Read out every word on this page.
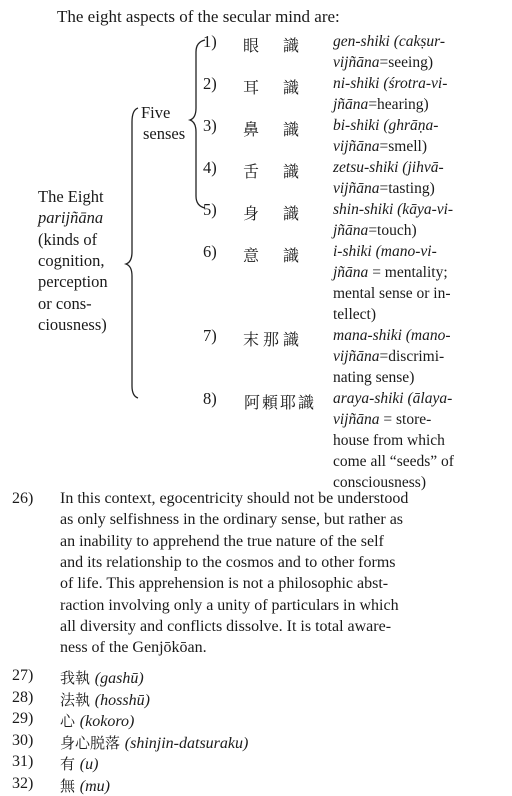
The eight aspects of the secular mind are:
The Eight
parijñāna
(kinds of
cognition,
perception
or cons-
ciousness)
Five
senses
1) 眼　識 gen-shiki (cakṣur-
vijñāna=seeing)
2) 耳　識 ni-shiki (śrotra-vi-
jñāna=hearing)
3) 鼻　識 bi-shiki (ghrāṇa-
vijñāna=smell)
4) 舌　識 zetsu-shiki (jihvā-
vijñāna=tasting)
5) 身　識 shin-shiki (kāya-vi-
jñāna=touch)
6) 意　識 i-shiki (mano-vi-
jñāna = mentality;
mental sense or in-
tellect)
7) 末那識 mana-shiki (mano-
vijñāna=discrimi-
nating sense)
8) 阿頼耶識 araya-shiki (ālaya-
vijñāna = store-
house from which
come all “seeds” of
consciousness)
26) In this context, egocentricity should not be understood
as only selfishness in the ordinary sense, but rather as
an inability to apprehend the true nature of the self
and its relationship to the cosmos and to other forms
of life. This apprehension is not a philosophic abst-
raction involving only a unity of particulars in which
all diversity and conflicts dissolve. It is total aware-
ness of the Genjōkōan.
27) 我執 (gashū)
28) 法執 (hosshū)
29) 心 (kokoro)
30) 身心脱落 (shinjin-datsuraku)
31) 有 (u)
32) 無 (mu)
